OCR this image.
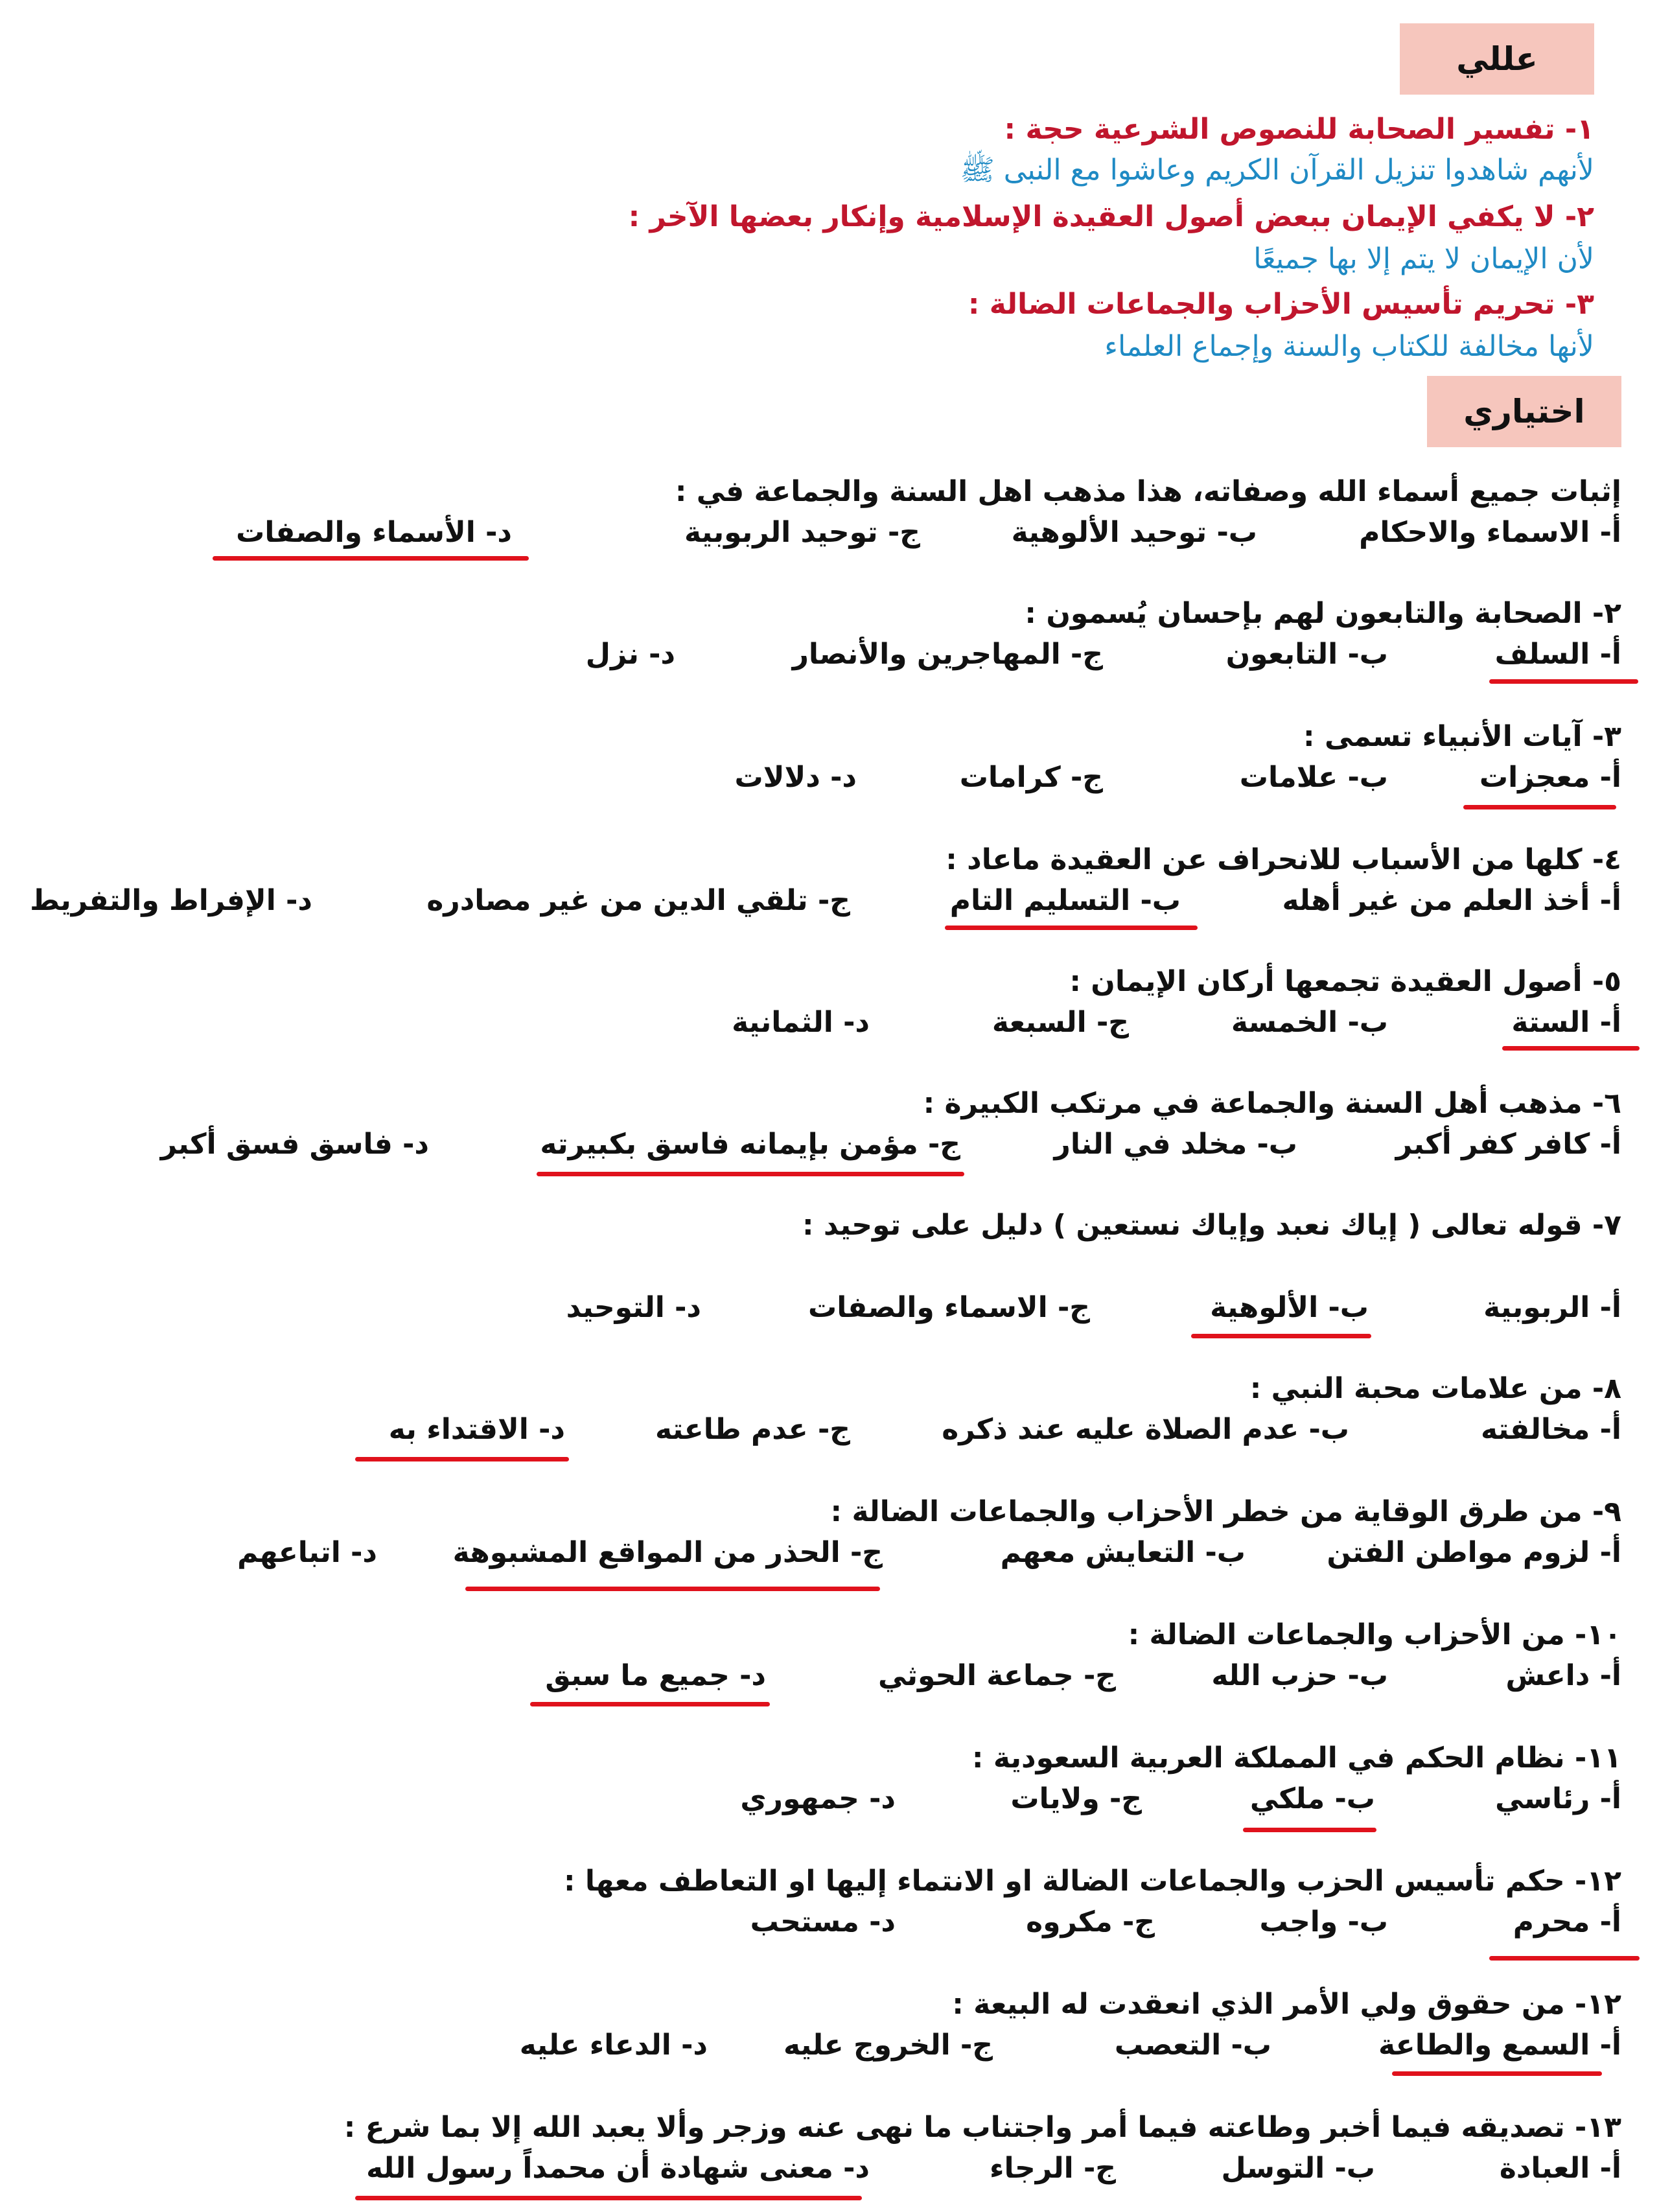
عللي
١- تفسير الصحابة للنصوص الشرعية حجة :
لأنهم شاهدوا تنزيل القرآن الكريم وعاشوا مع النبى ﷺ
٢- لا يكفي الإيمان ببعض أصول العقيدة الإسلامية وإنكار بعضها الآخر :
لأن الإيمان لا يتم إلا بها جميعًا
٣- تحريم تأسيس الأحزاب والجماعات الضالة :
لأنها مخالفة للكتاب والسنة وإجماع العلماء
اختياري
إثبات جميع أسماء الله وصفاته، هذا مذهب اهل السنة والجماعة في :
أ- الاسماء والاحكام
ب- توحيد الألوهية
ج- توحيد الربوبية
د- الأسماء والصفات
٢- الصحابة والتابعون لهم بإحسان يُسمون :
أ- السلف
ب- التابعون
ج- المهاجرين والأنصار
د- نزل
٣- آيات الأنبياء تسمى :
أ- معجزات
ب- علامات
ج- كرامات
د- دلالات
٤- كلها من الأسباب للانحراف عن العقيدة ماعاد :
أ- أخذ العلم من غير أهله
ب- التسليم التام
ج- تلقي الدين من غير مصادره
د- الإفراط والتفريط
٥- أصول العقيدة تجمعها أركان الإيمان :
أ- الستة
ب- الخمسة
ج- السبعة
د- الثمانية
٦- مذهب أهل السنة والجماعة في مرتكب الكبيرة :
أ- كافر كفر أكبر
ب- مخلد في النار
ج- مؤمن بإيمانه فاسق بكبيرته
د- فاسق فسق أكبر
٧- قوله تعالى ( إياك نعبد وإياك نستعين ) دليل على توحيد :
أ- الربوبية
ب- الألوهية
ج- الاسماء والصفات
د- التوحيد
٨- من علامات محبة النبي :
أ- مخالفته
ب- عدم الصلاة عليه عند ذكره
ج- عدم طاعته
د- الاقتداء به
٩- من طرق الوقاية من خطر الأحزاب والجماعات الضالة :
أ- لزوم مواطن الفتن
ب- التعايش معهم
ج- الحذر من المواقع المشبوهة
د- اتباعهم
١٠- من الأحزاب والجماعات الضالة :
أ- داعش
ب- حزب الله
ج- جماعة الحوثي
د- جميع ما سبق
١١- نظام الحكم في المملكة العربية السعودية :
أ- رئاسي
ب- ملكي
ج- ولايات
د- جمهوري
١٢- حكم تأسيس الحزب والجماعات الضالة او الانتماء إليها او التعاطف معها :
أ- محرم
ب- واجب
ج- مكروه
د- مستحب
١٢- من حقوق ولي الأمر الذي انعقدت له البيعة :
أ- السمع والطاعة
ب- التعصب
ج- الخروج عليه
د- الدعاء عليه
١٣- تصديقه فيما أخبر وطاعته فيما أمر واجتناب ما نهى عنه وزجر وألا يعبد الله إلا بما شرع :
أ- العبادة
ب- التوسل
ج- الرجاء
د- معنى شهادة أن محمداً رسول الله
